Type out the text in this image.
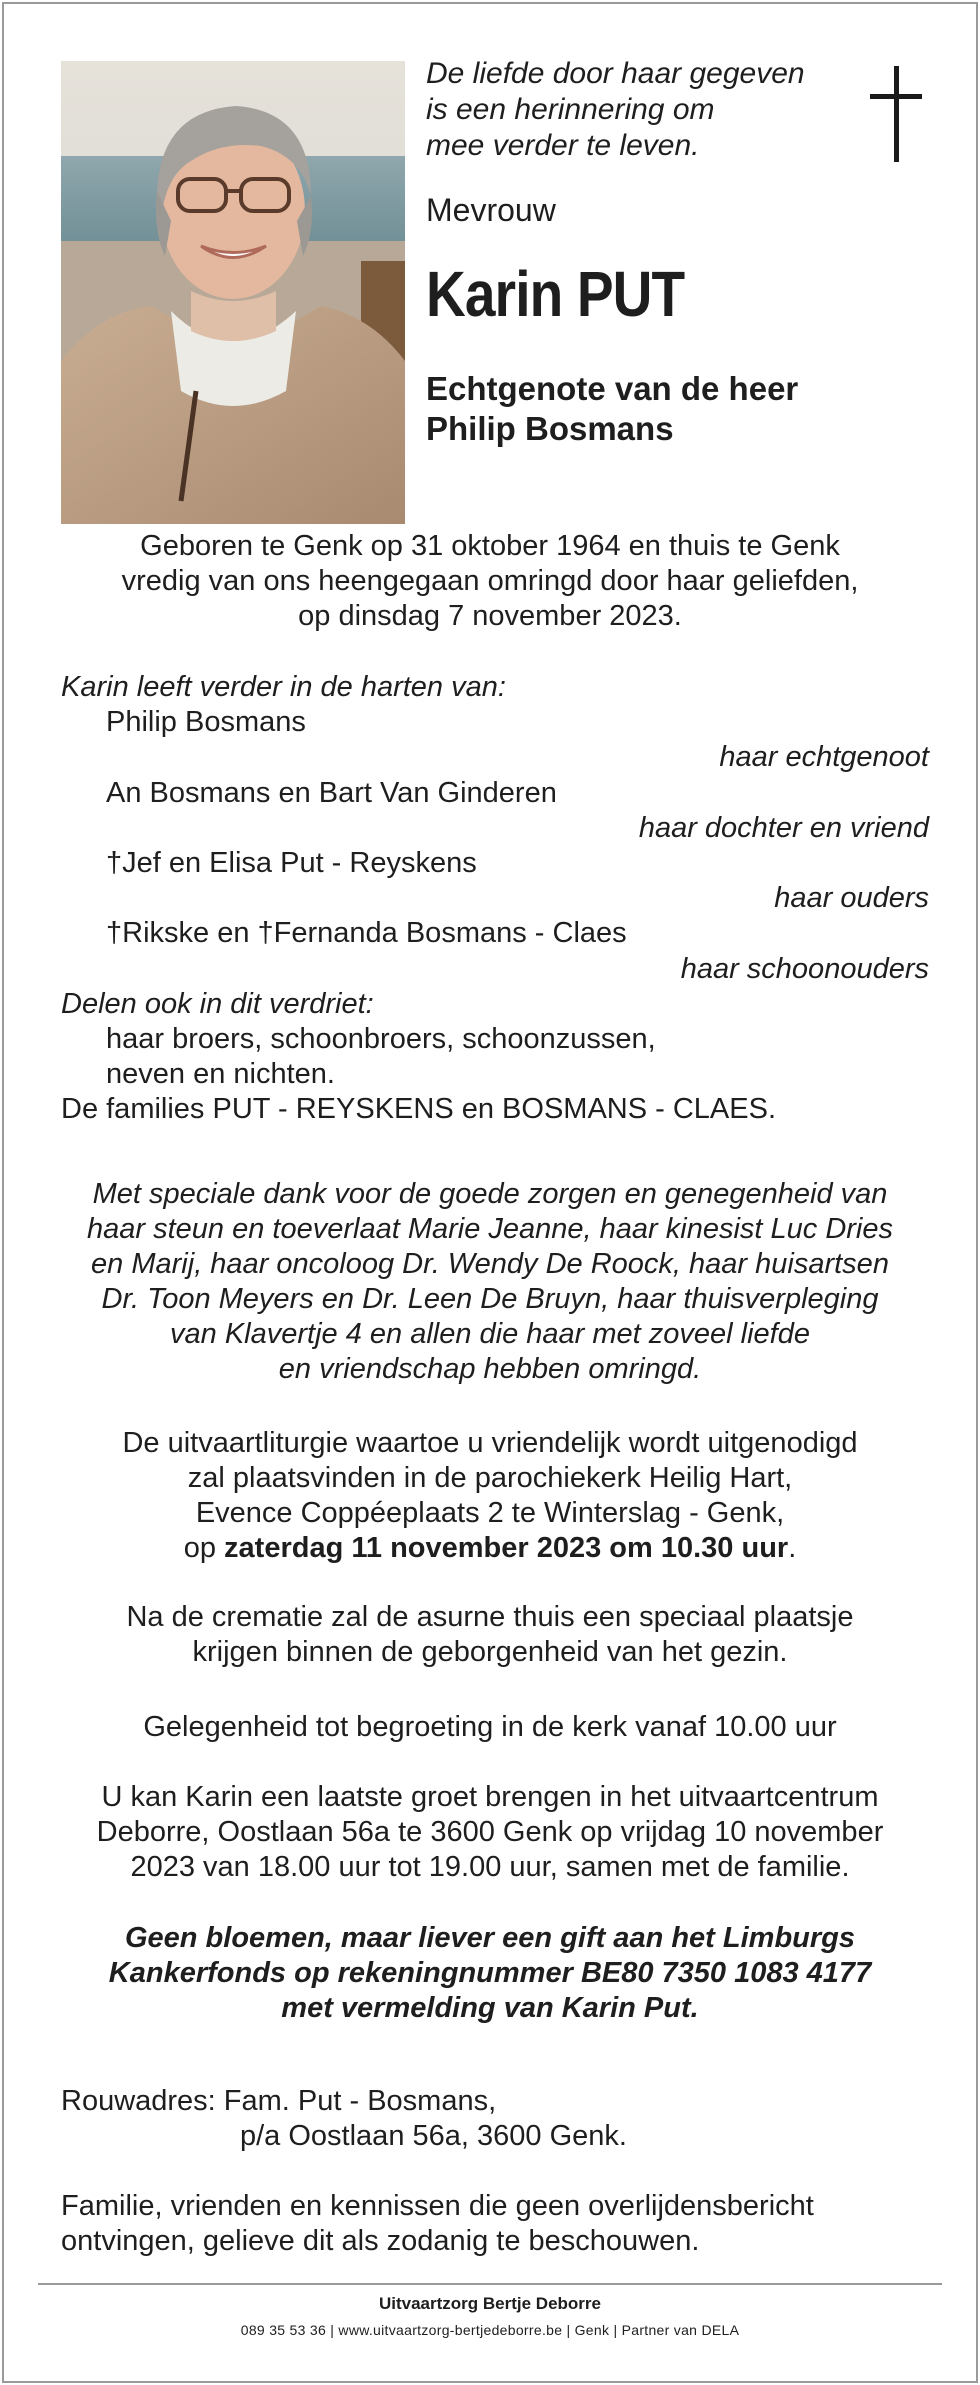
De liefde door haar gegeven
is een herinnering om
mee verder te leven.
Mevrouw
Karin PUT
Echtgenote van de heer
Philip Bosmans
Geboren te Genk op 31 oktober 1964 en thuis te Genk
vredig van ons heengegaan omringd door haar geliefden,
op dinsdag 7 november 2023.
Karin leeft verder in de harten van:
Philip Bosmans
haar echtgenoot
An Bosmans en Bart Van Ginderen
haar dochter en vriend
†Jef en Elisa Put - Reyskens
haar ouders
†Rikske en †Fernanda Bosmans - Claes
haar schoonouders
Delen ook in dit verdriet:
haar broers, schoonbroers, schoonzussen,
neven en nichten.
De families PUT - REYSKENS en BOSMANS - CLAES.
Met speciale dank voor de goede zorgen en genegenheid van
haar steun en toeverlaat Marie Jeanne, haar kinesist Luc Dries
en Marij, haar oncoloog Dr. Wendy De Roock, haar huisartsen
Dr. Toon Meyers en Dr. Leen De Bruyn, haar thuisverpleging
van Klavertje 4 en allen die haar met zoveel liefde
en vriendschap hebben omringd.
De uitvaartliturgie waartoe u vriendelijk wordt uitgenodigd
zal plaatsvinden in de parochiekerk Heilig Hart,
Evence Coppéeplaats 2 te Winterslag - Genk,
op zaterdag 11 november 2023 om 10.30 uur.
Na de crematie zal de asurne thuis een speciaal plaatsje
krijgen binnen de geborgenheid van het gezin.
Gelegenheid tot begroeting in de kerk vanaf 10.00 uur
U kan Karin een laatste groet brengen in het uitvaartcentrum
Deborre, Oostlaan 56a te 3600 Genk op vrijdag 10 november
2023 van 18.00 uur tot 19.00 uur, samen met de familie.
Geen bloemen, maar liever een gift aan het Limburgs
Kankerfonds op rekeningnummer BE80 7350 1083 4177
met vermelding van Karin Put.
Rouwadres: Fam. Put - Bosmans,
p/a Oostlaan 56a, 3600 Genk.
Familie, vrienden en kennissen die geen overlijdensbericht
ontvingen, gelieve dit als zodanig te beschouwen.
Uitvaartzorg Bertje Deborre
089 35 53 36 | www.uitvaartzorg-bertjedeborre.be | Genk | Partner van DELA
